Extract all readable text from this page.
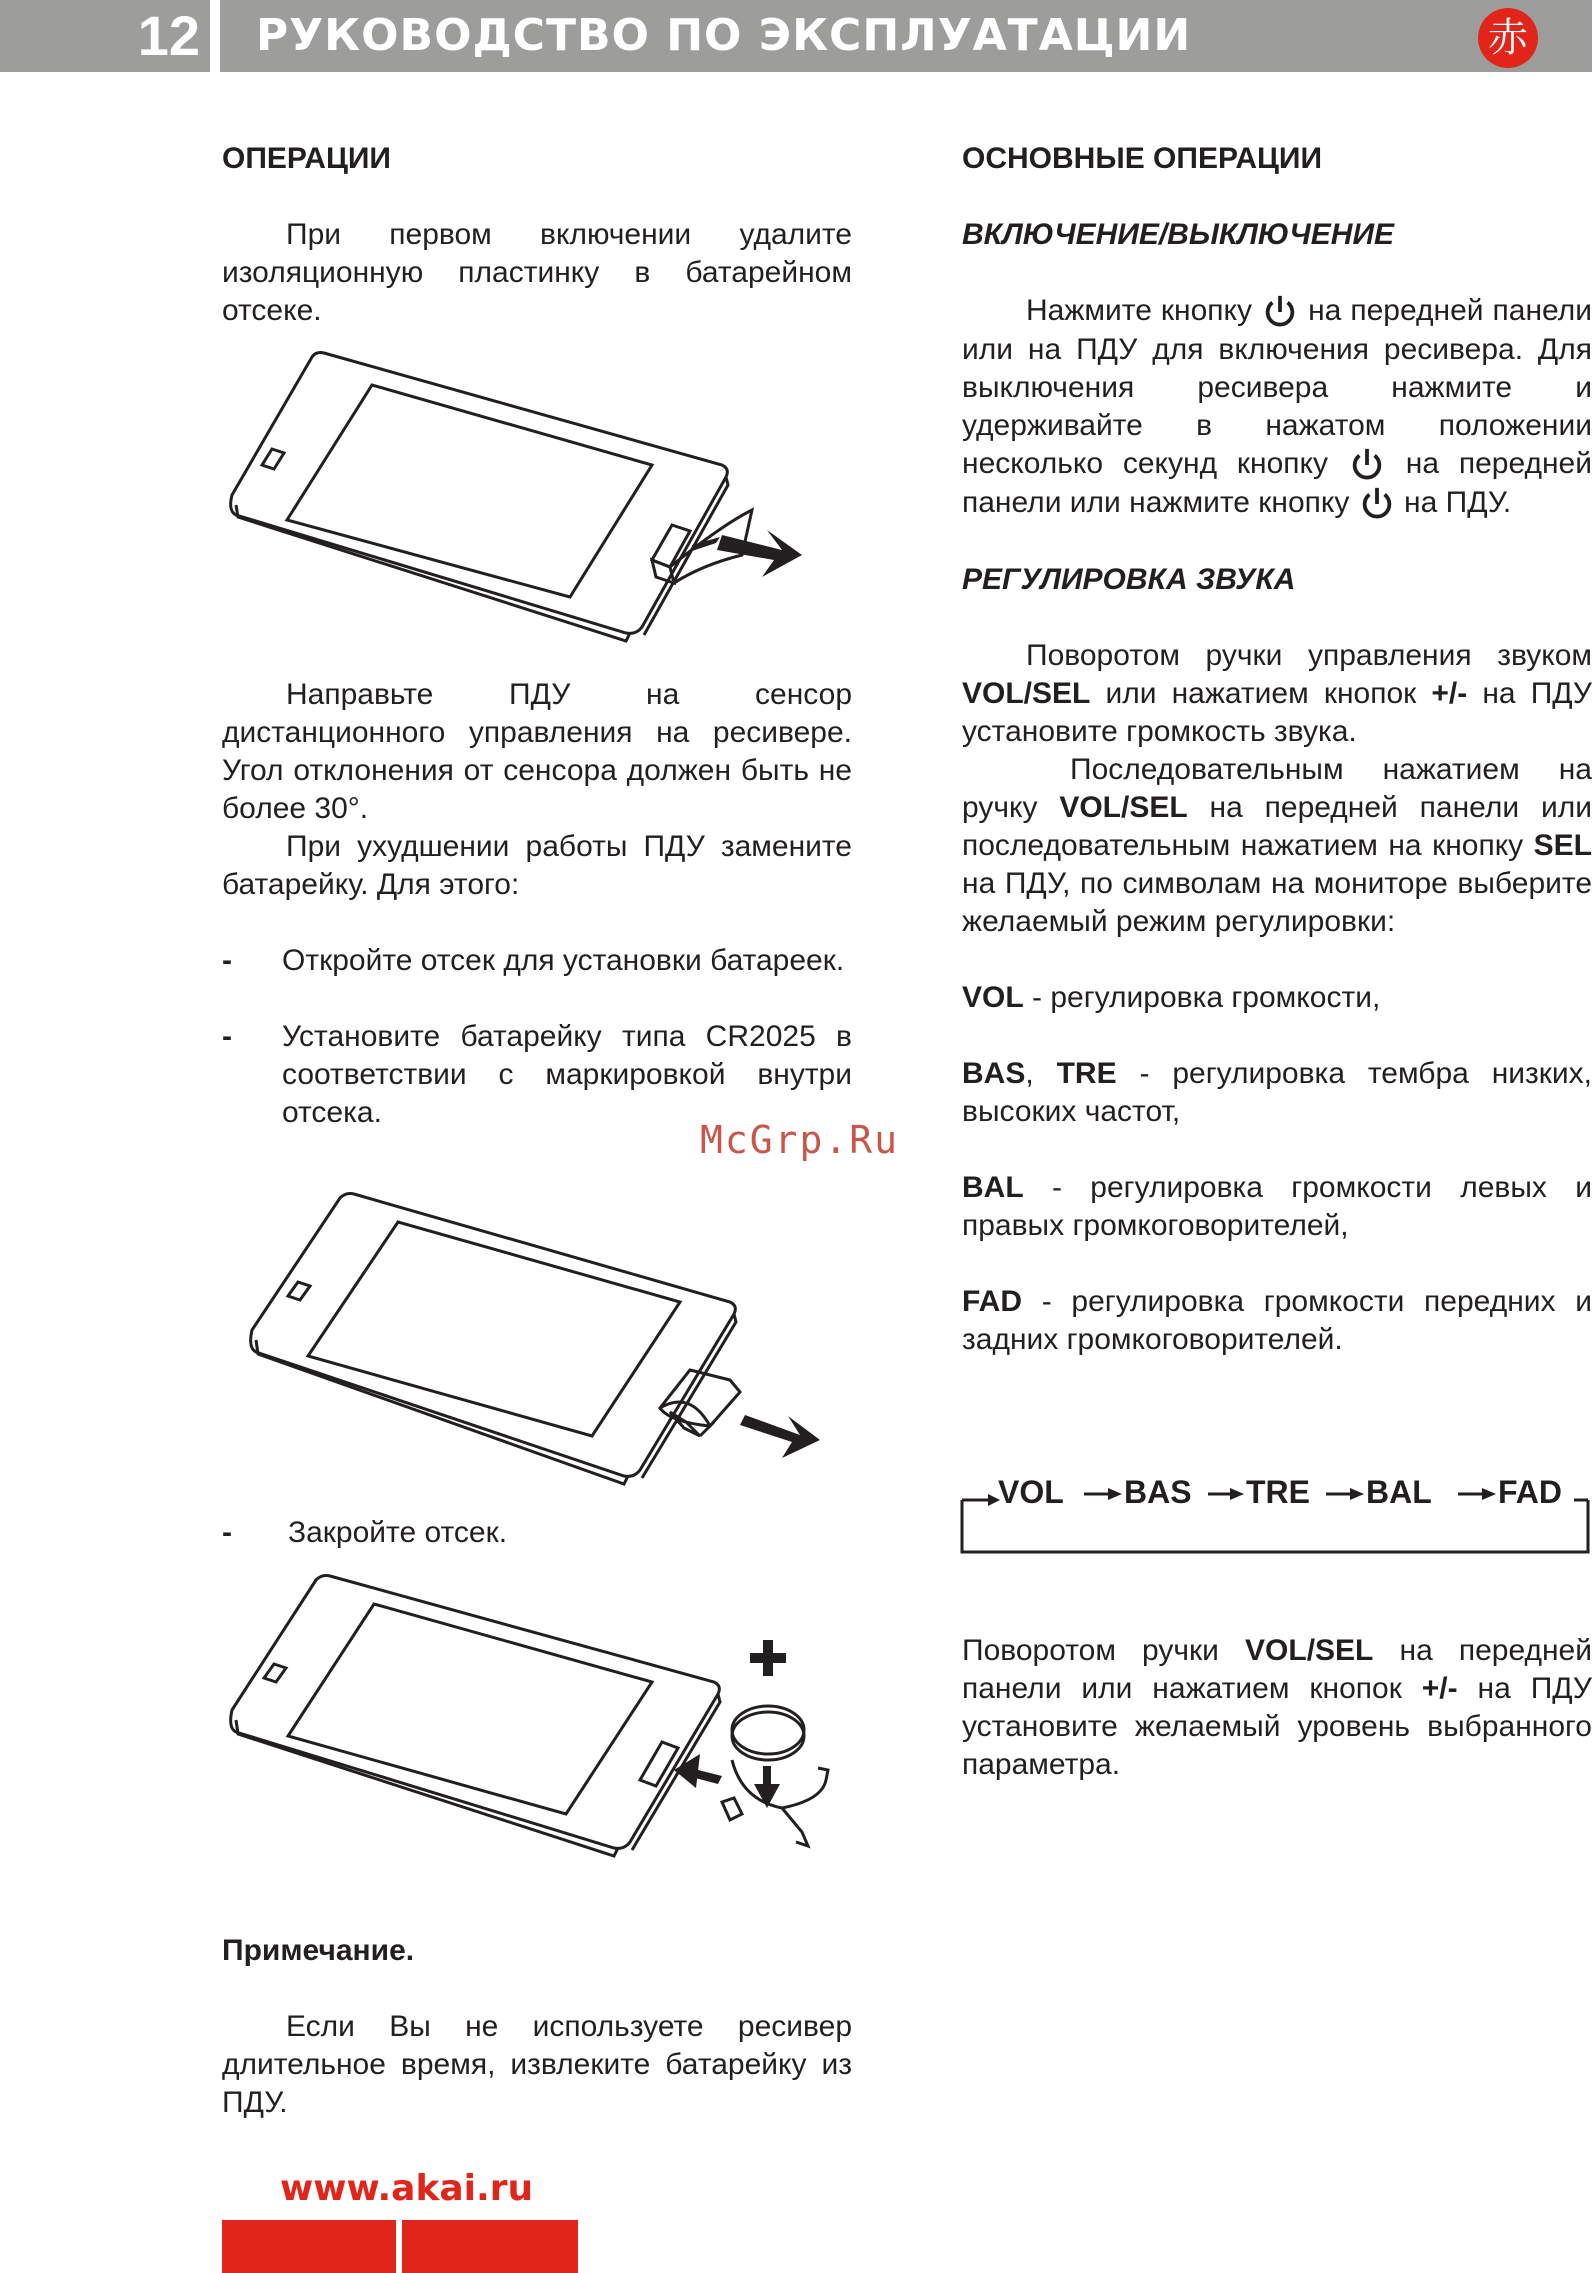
12	РУКОВОДСТВО ПО ЭКСПЛУАТАЦИИ	赤

ОПЕРАЦИИ

При первом включении удалите изоляционную пластинку в батарейном отсеке.

Направьте ПДУ на сенсор дистанционного управления на ресивере. Угол отклонения от сенсора должен быть не более 30°.

При ухудшении работы ПДУ замените батарейку. Для этого:

-	Откройте отсек для установки батареек.

-	Установите батарейку типа CR2025 в соответствии с маркировкой внутри отсека.

-	Закройте отсек.

Примечание.

Если Вы не используете ресивер длительное время, извлеките батарейку из ПДУ.

ОСНОВНЫЕ ОПЕРАЦИИ

ВКЛЮЧЕНИЕ/ВЫКЛЮЧЕНИЕ

Нажмите кнопку на передней панели или на ПДУ для включения ресивера. Для выключения ресивера нажмите и удерживайте в нажатом положении несколько секунд кнопку	на передней панели или нажмите кнопку на ПДУ.

РЕГУЛИРОВКА ЗВУКА

Поворотом ручки управления звуком VOL/SEL или нажатием кнопок +/- на ПДУ установите громкость звука.

Последовательным нажатием на ручку VOL/SEL на передней панели или последовательным нажатием на кнопку SEL на ПДУ, по символам на мониторе выберите желаемый режим регулировки:

VOL - регулировка громкости,

BAS, TRE - регулировка тембра низких, высоких частот,

BAL - регулировка громкости левых и правых громкоговорителей,

FAD - регулировка громкости передних и задних громкоговорителей.

VOL BAS TRE BAL FAD

Поворотом ручки VOL/SEL на передней панели или нажатием кнопок +/- на ПДУ установите желаемый уровень выбранного параметра.

McGrp.Ru
www.akai.ru
